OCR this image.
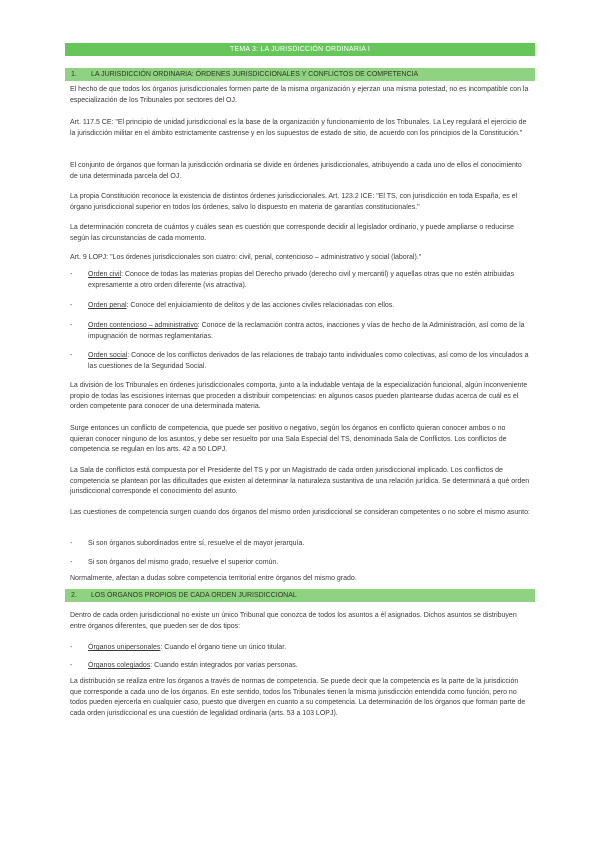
TEMA 3: LA JURISDICCIÓN ORDINARIA I
1. LA JURISDICCIÓN ORDINARIA: ÓRDENES JURISDICCIONALES Y CONFLICTOS DE COMPETENCIA

El hecho de que todos los órganos jurisdiccionales formen parte de la misma organización y ejerzan una misma potestad, no es incompatible con la especialización de los Tribunales por sectores del OJ.

Art. 117.5 CE: "El principio de unidad jurisdiccional es la base de la organización y funcionamiento de los Tribunales. La Ley regulará el ejercicio de la jurisdicción militar en el ámbito estrictamente castrense y en los supuestos de estado de sitio, de acuerdo con los principios de la Constitución."

El conjunto de órganos que forman la jurisdicción ordinaria se divide en órdenes jurisdiccionales, atribuyendo a cada uno de ellos el conocimiento de una determinada parcela del OJ.

La propia Constitución reconoce la existencia de distintos órdenes jurisdiccionales. Art. 123.2 ICE: "El TS, con jurisdicción en toda España, es el órgano jurisdiccional superior en todos los órdenes, salvo lo dispuesto en materia de garantías constitucionales."

La determinación concreta de cuántos y cuáles sean es cuestión que corresponde decidir al legislador ordinario, y puede ampliarse o reducirse según las circunstancias de cada momento.

Art. 9 LOPJ: "Los órdenes jurisdiccionales son cuatro: civil, penal, contencioso – administrativo y social (laboral)."

- Orden civil: Conoce de todas las materias propias del Derecho privado (derecho civil y mercantil) y aquellas otras que no estén atribuidas expresamente a otro orden diferente (vis atractiva).
- Orden penal: Conoce del enjuiciamiento de delitos y de las acciones civiles relacionadas con ellos.
- Orden contencioso – administrativo: Conoce de la reclamación contra actos, inacciones y vías de hecho de la Administración, así como de la impugnación de normas reglamentarias.
- Orden social: Conoce de los conflictos derivados de las relaciones de trabajo tanto individuales como colectivas, así como de los vinculados a las cuestiones de la Seguridad Social.

La división de los Tribunales en órdenes jurisdiccionales comporta, junto a la indudable ventaja de la especialización funcional, algún inconveniente propio de todas las escisiones internas que proceden a distribuir competencias: en algunos casos pueden plantearse dudas acerca de cuál es el orden competente para conocer de una determinada materia.

Surge entonces un conflicto de competencia, que puede ser positivo o negativo, según los órganos en conflicto quieran conocer ambos o no quieran conocer ninguno de los asuntos, y debe ser resuelto por una Sala Especial del TS, denominada Sala de Conflictos. Los conflictos de competencia se regulan en los arts. 42 a 50 LOPJ.

La Sala de conflictos está compuesta por el Presidente del TS y por un Magistrado de cada orden jurisdiccional implicado. Los conflictos de competencia se plantean por las dificultades que existen al determinar la naturaleza sustantiva de una relación jurídica. Se determinará a qué orden jurisdiccional corresponde el conocimiento del asunto.

Las cuestiones de competencia surgen cuando dos órganos del mismo orden jurisdiccional se consideran competentes o no sobre el mismo asunto:

- Si son órganos subordinados entre sí, resuelve el de mayor jerarquía.
- Si son órganos del mismo grado, resuelve el superior común.

Normalmente, afectan a dudas sobre competencia territorial entre órganos del mismo grado.

2. LOS ÓRGANOS PROPIOS DE CADA ORDEN JURISDICCIONAL

Dentro de cada orden jurisdiccional no existe un único Tribunal que conozca de todos los asuntos a él asignados. Dichos asuntos se distribuyen entre órganos diferentes, que pueden ser de dos tipos:

- Órganos unipersonales: Cuando el órgano tiene un único titular.
- Órganos colegiados: Cuando están integrados por varias personas.

La distribución se realiza entre los órganos a través de normas de competencia. Se puede decir que la competencia es la parte de la jurisdicción que corresponde a cada uno de los órganos. En este sentido, todos los Tribunales tienen la misma jurisdicción entendida como función, pero no todos pueden ejercerla en cualquier caso, puesto que divergen en cuanto a su competencia. La determinación de los órganos que forman parte de cada orden jurisdiccional es una cuestión de legalidad ordinaria (arts. 53 a 103 LOPJ).
